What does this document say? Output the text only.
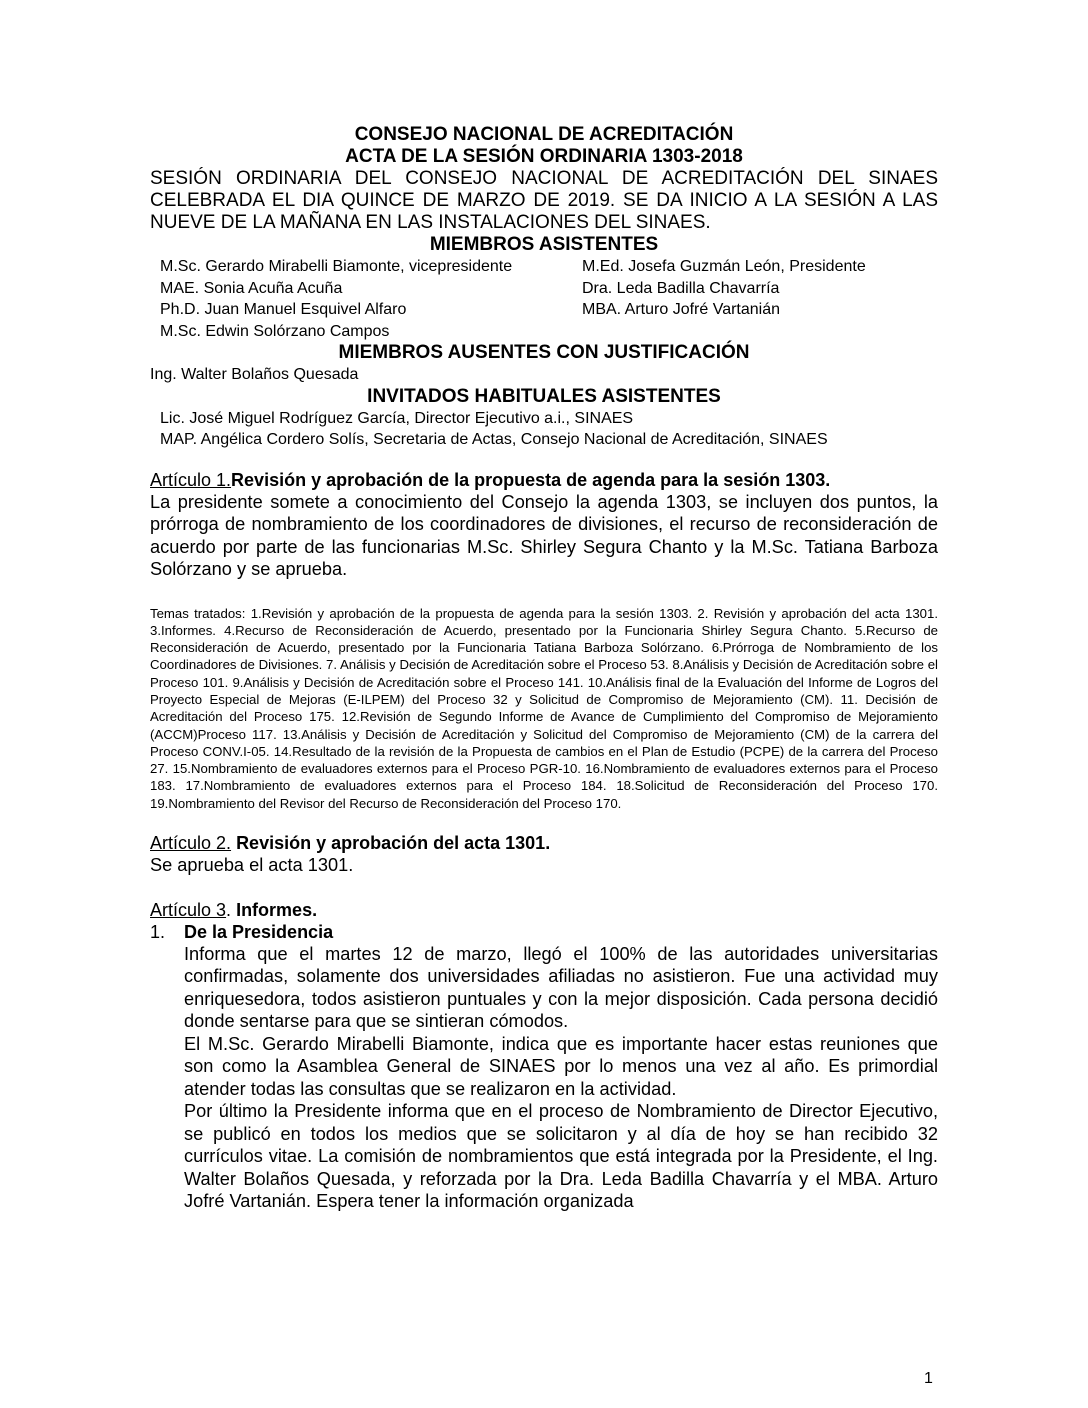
CONSEJO NACIONAL DE ACREDITACIÓN
ACTA DE LA SESIÓN ORDINARIA 1303-2018
SESIÓN ORDINARIA DEL CONSEJO NACIONAL DE ACREDITACIÓN DEL SINAES CELEBRADA EL DIA QUINCE DE MARZO DE 2019. SE DA INICIO A LA SESIÓN A LAS NUEVE DE LA MAÑANA EN LAS INSTALACIONES DEL SINAES.
MIEMBROS ASISTENTES
M.Sc. Gerardo Mirabelli Biamonte, vicepresidente	M.Ed. Josefa Guzmán León, Presidente
MAE. Sonia Acuña Acuña	Dra. Leda Badilla Chavarría
Ph.D. Juan Manuel Esquivel Alfaro	MBA. Arturo Jofré Vartanián
M.Sc. Edwin Solórzano Campos
MIEMBROS AUSENTES CON JUSTIFICACIÓN
Ing. Walter Bolaños Quesada
INVITADOS HABITUALES ASISTENTES
Lic. José Miguel Rodríguez García, Director Ejecutivo a.i., SINAES
MAP. Angélica Cordero Solís, Secretaria de Actas, Consejo Nacional de Acreditación, SINAES
Artículo 1.Revisión y aprobación de la propuesta de agenda para la sesión 1303.
La presidente somete a conocimiento del Consejo la agenda 1303, se incluyen dos puntos, la prórroga de nombramiento de los coordinadores de divisiones, el recurso de reconsideración de acuerdo por parte de las funcionarias M.Sc. Shirley Segura Chanto y la M.Sc. Tatiana Barboza Solórzano y se aprueba.
Temas tratados: 1.Revisión y aprobación de la propuesta de agenda para la sesión 1303. 2. Revisión y aprobación del acta 1301. 3.Informes. 4.Recurso de Reconsideración de Acuerdo, presentado por la Funcionaria Shirley Segura Chanto. 5.Recurso de Reconsideración de Acuerdo, presentado por la Funcionaria Tatiana Barboza Solórzano. 6.Prórroga de Nombramiento de los Coordinadores de Divisiones. 7. Análisis y Decisión de Acreditación sobre el Proceso 53. 8.Análisis y Decisión de Acreditación sobre el Proceso 101. 9.Análisis y Decisión de Acreditación sobre el Proceso 141. 10.Análisis final de la Evaluación del Informe de Logros del Proyecto Especial de Mejoras (E-ILPEM) del Proceso 32 y Solicitud de Compromiso de Mejoramiento (CM). 11. Decisión de Acreditación del Proceso 175. 12.Revisión de Segundo Informe de Avance de Cumplimiento del Compromiso de Mejoramiento (ACCM)Proceso 117. 13.Análisis y Decisión de Acreditación y Solicitud del Compromiso de Mejoramiento (CM) de la carrera del Proceso CONV.I-05. 14.Resultado de la revisión de la Propuesta de cambios en el Plan de Estudio (PCPE) de la carrera del Proceso 27. 15.Nombramiento de evaluadores externos para el Proceso PGR-10. 16.Nombramiento de evaluadores externos para el Proceso 183. 17.Nombramiento de evaluadores externos para el Proceso 184. 18.Solicitud de Reconsideración del Proceso 170. 19.Nombramiento del Revisor del Recurso de Reconsideración del Proceso 170.
Artículo 2. Revisión y aprobación del acta 1301.
Se aprueba el acta 1301.
Artículo 3. Informes.
1.	De la Presidencia
Informa que el martes 12 de marzo, llegó el 100% de las autoridades universitarias confirmadas, solamente dos universidades afiliadas no asistieron. Fue una actividad muy enriquesedora, todos asistieron puntuales y con la mejor disposición. Cada persona decidió donde sentarse para que se sintieran cómodos.
El M.Sc. Gerardo Mirabelli Biamonte, indica que es importante hacer estas reuniones que son como la Asamblea General de SINAES por lo menos una vez al año. Es primordial atender todas las consultas que se realizaron en la actividad.
Por último la Presidente informa que en el proceso de Nombramiento de Director Ejecutivo, se publicó en todos los medios que se solicitaron y al día de hoy se han recibido 32 currículos vitae. La comisión de nombramientos que está integrada por la Presidente, el Ing. Walter Bolaños Quesada, y reforzada por la Dra. Leda Badilla Chavarría y el MBA. Arturo Jofré Vartanián. Espera tener la información organizada
1
